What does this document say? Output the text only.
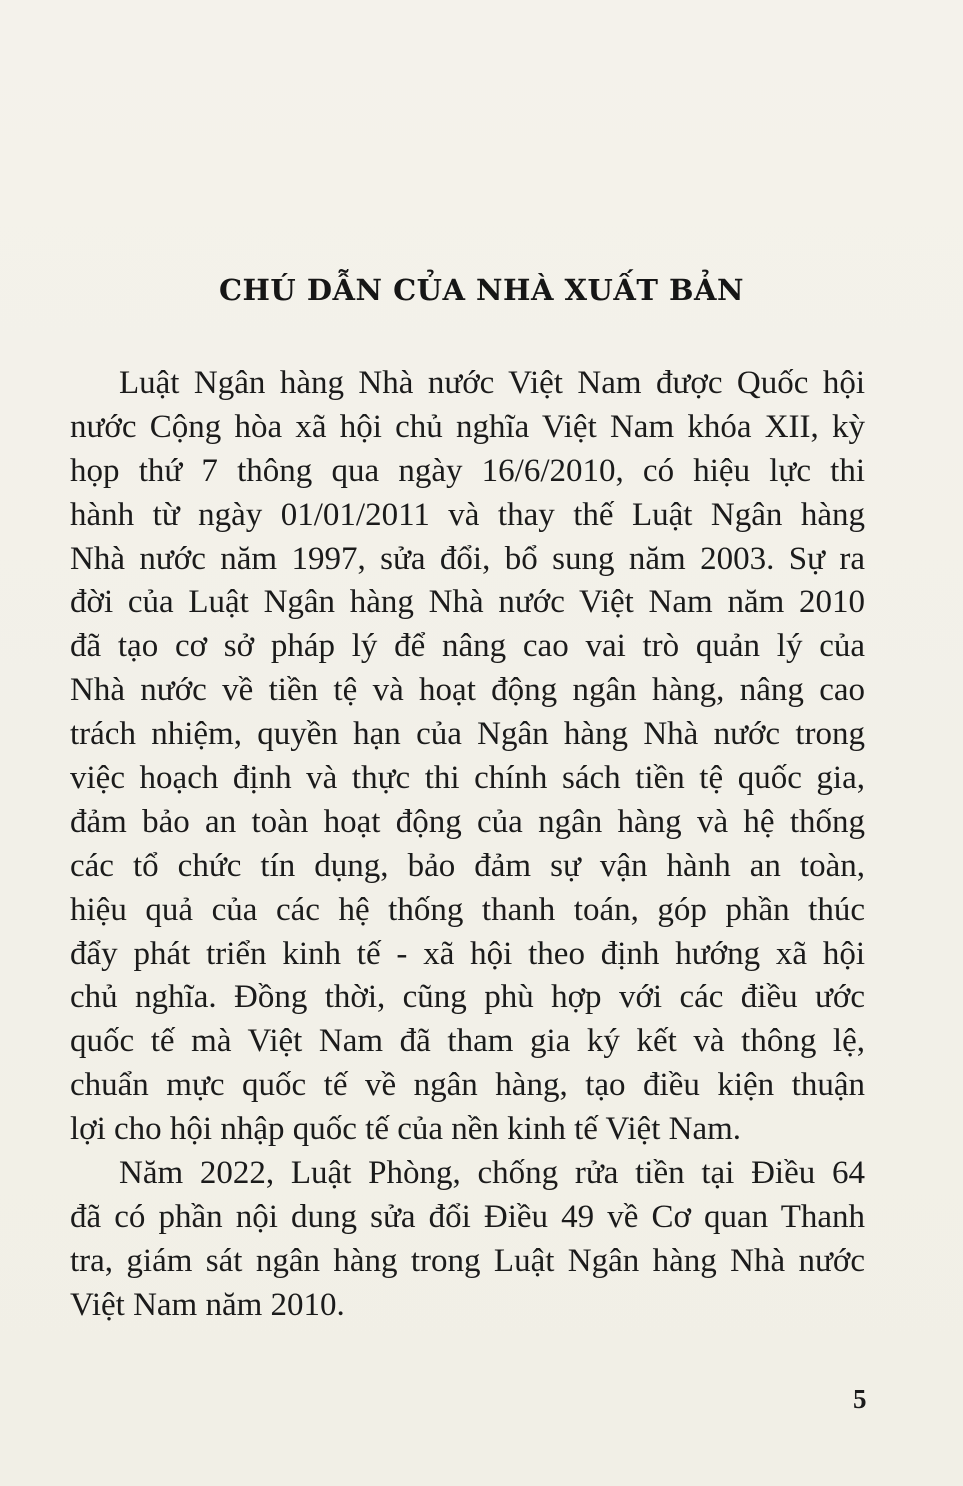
CHÚ DẪN CỦA NHÀ XUẤT BẢN
Luật Ngân hàng Nhà nước Việt Nam được Quốc hội
nước Cộng hòa xã hội chủ nghĩa Việt Nam khóa XII, kỳ
họp thứ 7 thông qua ngày 16/6/2010, có hiệu lực thi
hành từ ngày 01/01/2011 và thay thế Luật Ngân hàng
Nhà nước năm 1997, sửa đổi, bổ sung năm 2003. Sự ra
đời của Luật Ngân hàng Nhà nước Việt Nam năm 2010
đã tạo cơ sở pháp lý để nâng cao vai trò quản lý của
Nhà nước về tiền tệ và hoạt động ngân hàng, nâng cao
trách nhiệm, quyền hạn của Ngân hàng Nhà nước trong
việc hoạch định và thực thi chính sách tiền tệ quốc gia,
đảm bảo an toàn hoạt động của ngân hàng và hệ thống
các tổ chức tín dụng, bảo đảm sự vận hành an toàn,
hiệu quả của các hệ thống thanh toán, góp phần thúc
đẩy phát triển kinh tế - xã hội theo định hướng xã hội
chủ nghĩa. Đồng thời, cũng phù hợp với các điều ước
quốc tế mà Việt Nam đã tham gia ký kết và thông lệ,
chuẩn mực quốc tế về ngân hàng, tạo điều kiện thuận
lợi cho hội nhập quốc tế của nền kinh tế Việt Nam.
Năm 2022, Luật Phòng, chống rửa tiền tại Điều 64
đã có phần nội dung sửa đổi Điều 49 về Cơ quan Thanh
tra, giám sát ngân hàng trong Luật Ngân hàng Nhà nước
Việt Nam năm 2010.
5
